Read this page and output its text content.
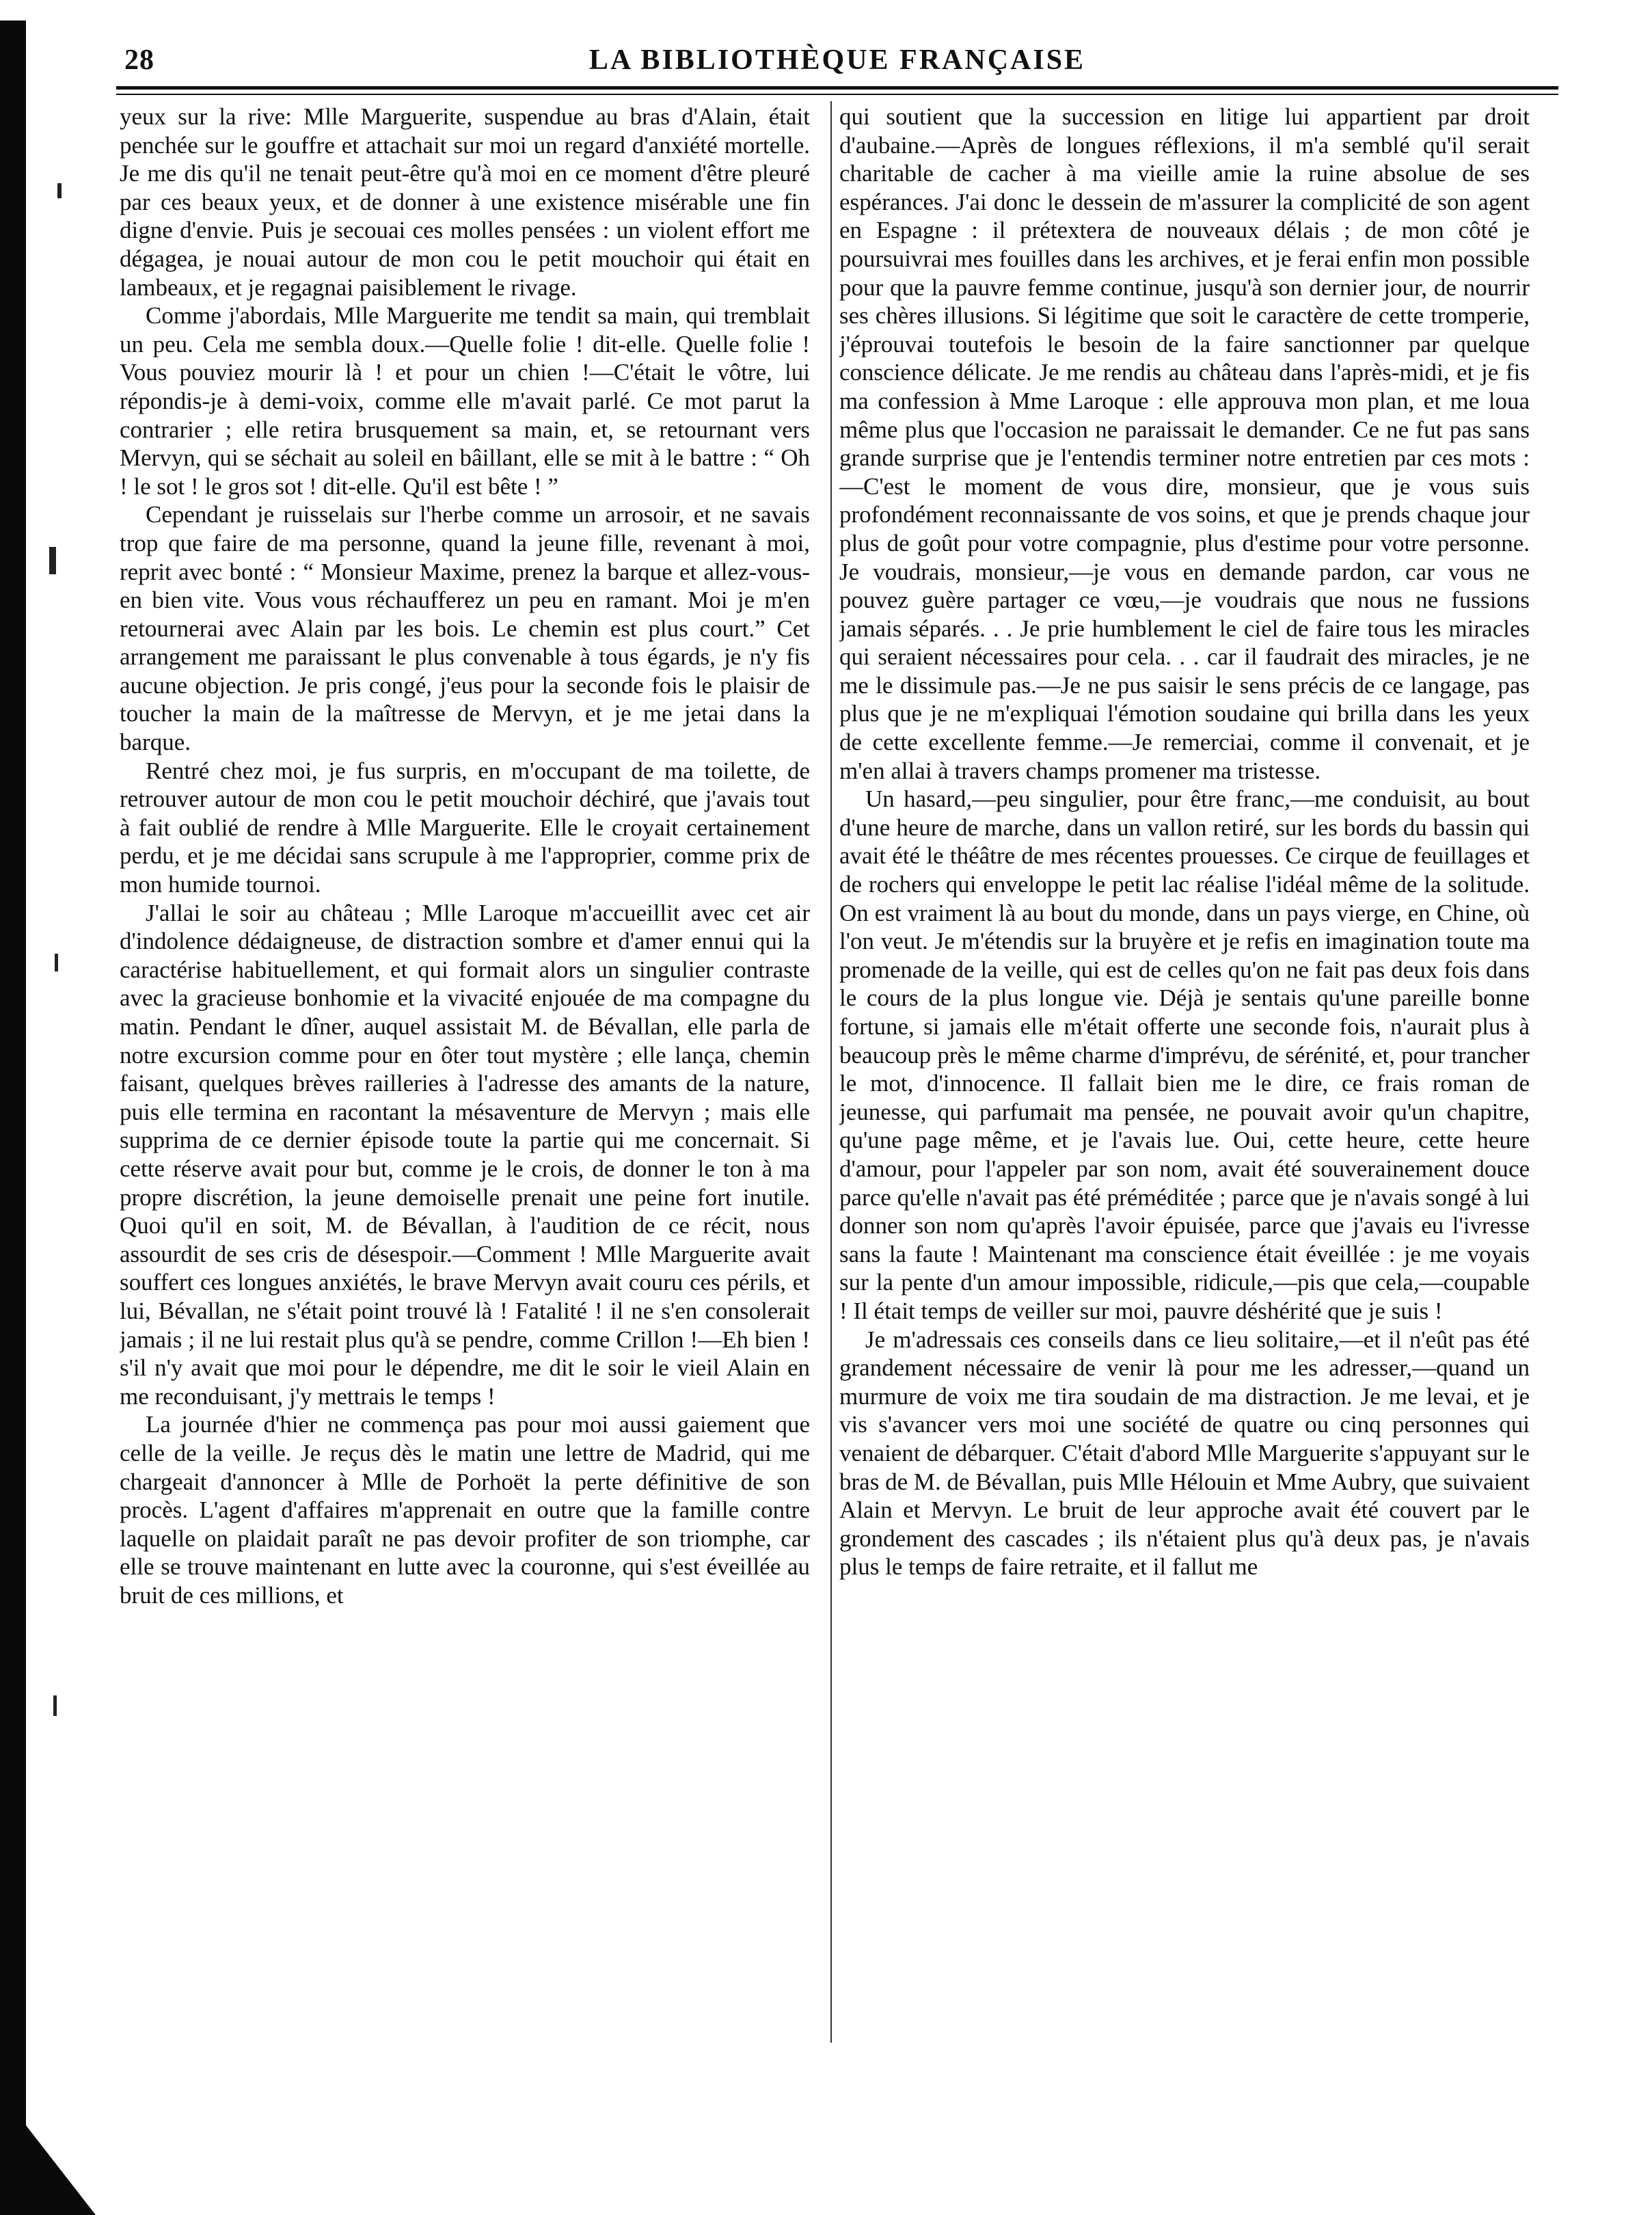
28	LA BIBLIOTHÈQUE FRANÇAISE

yeux sur la rive: Mlle Marguerite, suspendue au bras d'Alain, était penchée sur le gouffre et attachait sur moi un regard d'anxiété mortelle. Je me dis qu'il ne tenait peut-être qu'à moi en ce moment d'être pleuré par ces beaux yeux, et de donner à une existence misérable une fin digne d'envie. Puis je secouai ces molles pensées : un violent effort me dégagea, je nouai autour de mon cou le petit mouchoir qui était en lambeaux, et je regagnai paisiblement le rivage.

Comme j'abordais, Mlle Marguerite me tendit sa main, qui tremblait un peu. Cela me sembla doux.—Quelle folie ! dit-elle. Quelle folie ! Vous pouviez mourir là ! et pour un chien !—C'était le vôtre, lui répondis-je à demi-voix, comme elle m'avait parlé. Ce mot parut la contrarier ; elle retira brusquement sa main, et, se retournant vers Mervyn, qui se séchait au soleil en bâillant, elle se mit à le battre : “ Oh ! le sot ! le gros sot ! dit-elle. Qu'il est bête ! ”

Cependant je ruisselais sur l'herbe comme un arrosoir, et ne savais trop que faire de ma personne, quand la jeune fille, revenant à moi, reprit avec bonté : “ Monsieur Maxime, prenez la barque et allez-vous-en bien vite. Vous vous réchaufferez un peu en ramant. Moi je m'en retournerai avec Alain par les bois. Le chemin est plus court.” Cet arrangement me paraissant le plus convenable à tous égards, je n'y fis aucune objection. Je pris congé, j'eus pour la seconde fois le plaisir de toucher la main de la maîtresse de Mervyn, et je me jetai dans la barque.

Rentré chez moi, je fus surpris, en m'occupant de ma toilette, de retrouver autour de mon cou le petit mouchoir déchiré, que j'avais tout à fait oublié de rendre à Mlle Marguerite. Elle le croyait certainement perdu, et je me décidai sans scrupule à me l'approprier, comme prix de mon humide tournoi.

J'allai le soir au château ; Mlle Laroque m'accueillit avec cet air d'indolence dédaigneuse, de distraction sombre et d'amer ennui qui la caractérise habituellement, et qui formait alors un singulier contraste avec la gracieuse bonhomie et la vivacité enjouée de ma compagne du matin. Pendant le dîner, auquel assistait M. de Bévallan, elle parla de notre excursion comme pour en ôter tout mystère ; elle lança, chemin faisant, quelques brèves railleries à l'adresse des amants de la nature, puis elle termina en racontant la mésaventure de Mervyn ; mais elle supprima de ce dernier épisode toute la partie qui me concernait. Si cette réserve avait pour but, comme je le crois, de donner le ton à ma propre discrétion, la jeune demoiselle prenait une peine fort inutile. Quoi qu'il en soit, M. de Bévallan, à l'audition de ce récit, nous assourdit de ses cris de désespoir.—Comment ! Mlle Marguerite avait souffert ces longues anxiétés, le brave Mervyn avait couru ces périls, et lui, Bévallan, ne s'était point trouvé là ! Fatalité ! il ne s'en consolerait jamais ; il ne lui restait plus qu'à se pendre, comme Crillon !—Eh bien ! s'il n'y avait que moi pour le dépendre, me dit le soir le vieil Alain en me reconduisant, j'y mettrais le temps !

La journée d'hier ne commença pas pour moi aussi gaiement que celle de la veille. Je reçus dès le matin une lettre de Madrid, qui me chargeait d'annoncer à Mlle de Porhoët la perte définitive de son procès. L'agent d'affaires m'apprenait en outre que la famille contre laquelle on plaidait paraît ne pas devoir profiter de son triomphe, car elle se trouve maintenant en lutte avec la couronne, qui s'est éveillée au bruit de ces millions, et

qui soutient que la succession en litige lui appartient par droit d'aubaine.—Après de longues réflexions, il m'a semblé qu'il serait charitable de cacher à ma vieille amie la ruine absolue de ses espérances. J'ai donc le dessein de m'assurer la complicité de son agent en Espagne : il prétextera de nouveaux délais ; de mon côté je poursuivrai mes fouilles dans les archives, et je ferai enfin mon possible pour que la pauvre femme continue, jusqu'à son dernier jour, de nourrir ses chères illusions. Si légitime que soit le caractère de cette tromperie, j'éprouvai toutefois le besoin de la faire sanctionner par quelque conscience délicate. Je me rendis au château dans l'après-midi, et je fis ma confession à Mme Laroque : elle approuva mon plan, et me loua même plus que l'occasion ne paraissait le demander. Ce ne fut pas sans grande surprise que je l'entendis terminer notre entretien par ces mots :—C'est le moment de vous dire, monsieur, que je vous suis profondément reconnaissante de vos soins, et que je prends chaque jour plus de goût pour votre compagnie, plus d'estime pour votre personne. Je voudrais, monsieur,—je vous en demande pardon, car vous ne pouvez guère partager ce vœu,—je voudrais que nous ne fussions jamais séparés. . . Je prie humblement le ciel de faire tous les miracles qui seraient nécessaires pour cela. . . car il faudrait des miracles, je ne me le dissimule pas.—Je ne pus saisir le sens précis de ce langage, pas plus que je ne m'expliquai l'émotion soudaine qui brilla dans les yeux de cette excellente femme.—Je remerciai, comme il convenait, et je m'en allai à travers champs promener ma tristesse.

Un hasard,—peu singulier, pour être franc,—me conduisit, au bout d'une heure de marche, dans un vallon retiré, sur les bords du bassin qui avait été le théâtre de mes récentes prouesses. Ce cirque de feuillages et de rochers qui enveloppe le petit lac réalise l'idéal même de la solitude. On est vraiment là au bout du monde, dans un pays vierge, en Chine, où l'on veut. Je m'étendis sur la bruyère et je refis en imagination toute ma promenade de la veille, qui est de celles qu'on ne fait pas deux fois dans le cours de la plus longue vie. Déjà je sentais qu'une pareille bonne fortune, si jamais elle m'était offerte une seconde fois, n'aurait plus à beaucoup près le même charme d'imprévu, de sérénité, et, pour trancher le mot, d'innocence. Il fallait bien me le dire, ce frais roman de jeunesse, qui parfumait ma pensée, ne pouvait avoir qu'un chapitre, qu'une page même, et je l'avais lue. Oui, cette heure, cette heure d'amour, pour l'appeler par son nom, avait été souverainement douce parce qu'elle n'avait pas été préméditée ; parce que je n'avais songé à lui donner son nom qu'après l'avoir épuisée, parce que j'avais eu l'ivresse sans la faute ! Maintenant ma conscience était éveillée : je me voyais sur la pente d'un amour impossible, ridicule,—pis que cela,—coupable ! Il était temps de veiller sur moi, pauvre déshérité que je suis !

Je m'adressais ces conseils dans ce lieu solitaire,—et il n'eût pas été grandement nécessaire de venir là pour me les adresser,—quand un murmure de voix me tira soudain de ma distraction. Je me levai, et je vis s'avancer vers moi une société de quatre ou cinq personnes qui venaient de débarquer. C'était d'abord Mlle Marguerite s'appuyant sur le bras de M. de Bévallan, puis Mlle Hélouin et Mme Aubry, que suivaient Alain et Mervyn. Le bruit de leur approche avait été couvert par le grondement des cascades ; ils n'étaient plus qu'à deux pas, je n'avais plus le temps de faire retraite, et il fallut me
